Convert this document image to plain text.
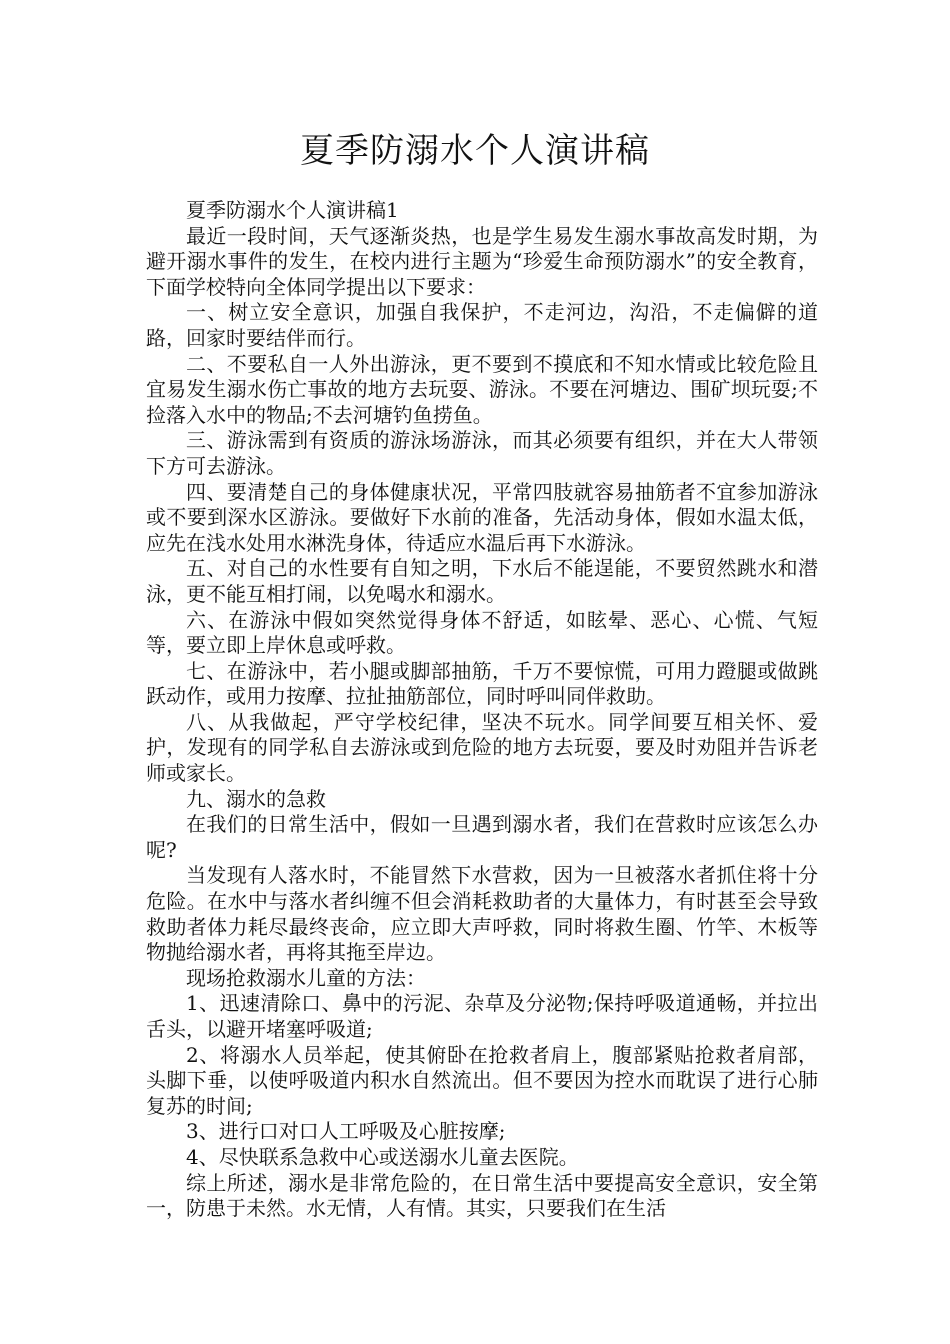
夏季防溺水个人演讲稿

夏季防溺水个人演讲稿1

最近一段时间，天气逐渐炎热，也是学生易发生溺水事故高发时期，为避开溺水事件的发生，在校内进行主题为“珍爱生命预防溺水”的安全教育，下面学校特向全体同学提出以下要求：

一、树立安全意识，加强自我保护，不走河边，沟沿，不走偏僻的道路，回家时要结伴而行。

二、不要私自一人外出游泳，更不要到不摸底和不知水情或比较危险且宜易发生溺水伤亡事故的地方去玩耍、游泳。不要在河塘边、围矿坝玩耍;不捡落入水中的物品;不去河塘钓鱼捞鱼。

三、游泳需到有资质的游泳场游泳，而其必须要有组织，并在大人带领下方可去游泳。

四、要清楚自己的身体健康状况，平常四肢就容易抽筋者不宜参加游泳或不要到深水区游泳。要做好下水前的准备，先活动身体，假如水温太低，应先在浅水处用水淋洗身体，待适应水温后再下水游泳。

五、对自己的水性要有自知之明，下水后不能逞能，不要贸然跳水和潜泳，更不能互相打闹，以免喝水和溺水。

六、在游泳中假如突然觉得身体不舒适，如眩晕、恶心、心慌、气短等，要立即上岸休息或呼救。

七、在游泳中，若小腿或脚部抽筋，千万不要惊慌，可用力蹬腿或做跳跃动作，或用力按摩、拉扯抽筋部位，同时呼叫同伴救助。

八、从我做起，严守学校纪律，坚决不玩水。同学间要互相关怀、爱护，发现有的同学私自去游泳或到危险的地方去玩耍，要及时劝阻并告诉老师或家长。

九、溺水的急救

在我们的日常生活中，假如一旦遇到溺水者，我们在营救时应该怎么办呢?

当发现有人落水时，不能冒然下水营救，因为一旦被落水者抓住将十分危险。在水中与落水者纠缠不但会消耗救助者的大量体力，有时甚至会导致救助者体力耗尽最终丧命，应立即大声呼救，同时将救生圈、竹竿、木板等物抛给溺水者，再将其拖至岸边。

现场抢救溺水儿童的方法：

1、迅速清除口、鼻中的污泥、杂草及分泌物;保持呼吸道通畅，并拉出舌头，以避开堵塞呼吸道;

2、将溺水人员举起，使其俯卧在抢救者肩上，腹部紧贴抢救者肩部，头脚下垂，以使呼吸道内积水自然流出。但不要因为控水而耽误了进行心肺复苏的时间;

3、进行口对口人工呼吸及心脏按摩;

4、尽快联系急救中心或送溺水儿童去医院。

综上所述，溺水是非常危险的，在日常生活中要提高安全意识，安全第一，防患于未然。水无情，人有情。其实，只要我们在生活
